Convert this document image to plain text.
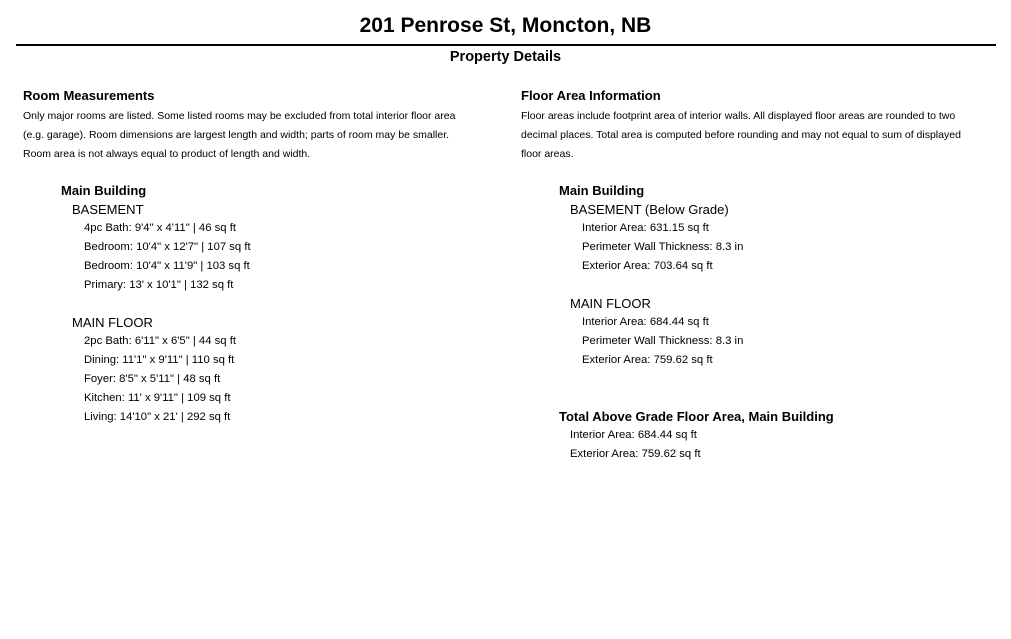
201 Penrose St, Moncton, NB
Property Details
Room Measurements
Only major rooms are listed. Some listed rooms may be excluded from total interior floor area
(e.g. garage). Room dimensions are largest length and width; parts of room may be smaller.
Room area is not always equal to product of length and width.
Main Building
BASEMENT
4pc Bath: 9'4" x 4'11" | 46 sq ft
Bedroom: 10'4" x 12'7" | 107 sq ft
Bedroom: 10'4" x 11'9" | 103 sq ft
Primary: 13' x 10'1" | 132 sq ft
MAIN FLOOR
2pc Bath: 6'11" x 6'5" | 44 sq ft
Dining: 11'1" x 9'11" | 110 sq ft
Foyer: 8'5" x 5'11" | 48 sq ft
Kitchen: 11' x 9'11" | 109 sq ft
Living: 14'10" x 21' | 292 sq ft
Floor Area Information
Floor areas include footprint area of interior walls. All displayed floor areas are rounded to two
decimal places. Total area is computed before rounding and may not equal to sum of displayed
floor areas.
Main Building
BASEMENT (Below Grade)
Interior Area: 631.15 sq ft
Perimeter Wall Thickness: 8.3 in
Exterior Area: 703.64 sq ft
MAIN FLOOR
Interior Area: 684.44 sq ft
Perimeter Wall Thickness: 8.3 in
Exterior Area: 759.62 sq ft
Total Above Grade Floor Area, Main Building
Interior Area: 684.44 sq ft
Exterior Area: 759.62 sq ft
